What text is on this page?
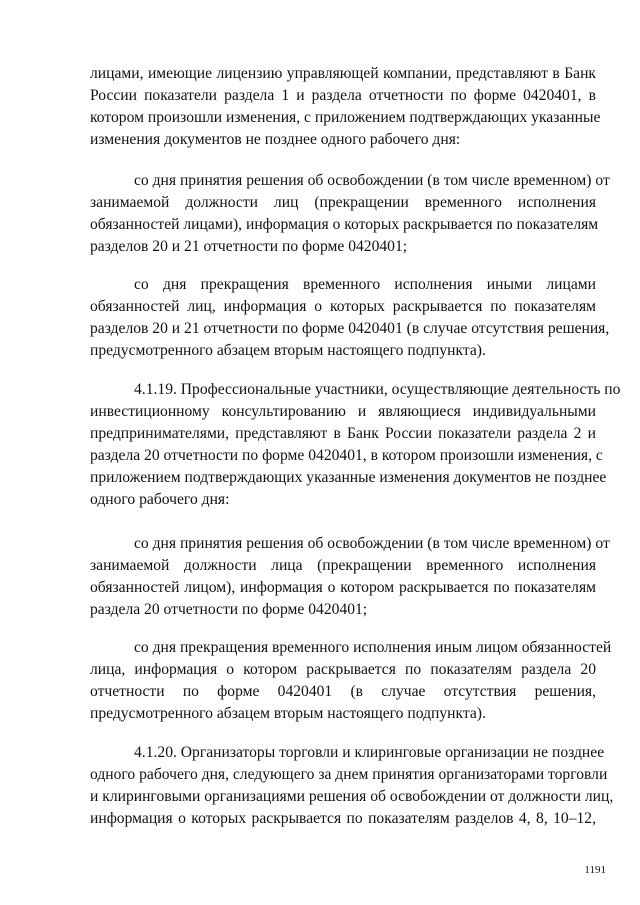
лицами, имеющие лицензию управляющей компании, представляют в Банк
России показатели раздела 1 и раздела отчетности по форме 0420401, в
котором произошли изменения, с приложением подтверждающих указанные
изменения документов не позднее одного рабочего дня:
со дня принятия решения об освобождении (в том числе временном) от
занимаемой должности лиц (прекращении временного исполнения
обязанностей лицами), информация о которых раскрывается по показателям
разделов 20 и 21 отчетности по форме 0420401;
со дня прекращения временного исполнения иными лицами
обязанностей лиц, информация о которых раскрывается по показателям
разделов 20 и 21 отчетности по форме 0420401 (в случае отсутствия решения,
предусмотренного абзацем вторым настоящего подпункта).
4.1.19. Профессиональные участники, осуществляющие деятельность по
инвестиционному консультированию и являющиеся индивидуальными
предпринимателями, представляют в Банк России показатели раздела 2 и
раздела 20 отчетности по форме 0420401, в котором произошли изменения, с
приложением подтверждающих указанные изменения документов не позднее
одного рабочего дня:
со дня принятия решения об освобождении (в том числе временном) от
занимаемой должности лица (прекращении временного исполнения
обязанностей лицом), информация о котором раскрывается по показателям
раздела 20 отчетности по форме 0420401;
со дня прекращения временного исполнения иным лицом обязанностей
лица, информация о котором раскрывается по показателям раздела 20
отчетности по форме 0420401 (в случае отсутствия решения,
предусмотренного абзацем вторым настоящего подпункта).
4.1.20. Организаторы торговли и клиринговые организации не позднее
одного рабочего дня, следующего за днем принятия организаторами торговли
и клиринговыми организациями решения об освобождении от должности лиц,
информация о которых раскрывается по показателям разделов 4, 8, 10–12,
1191
